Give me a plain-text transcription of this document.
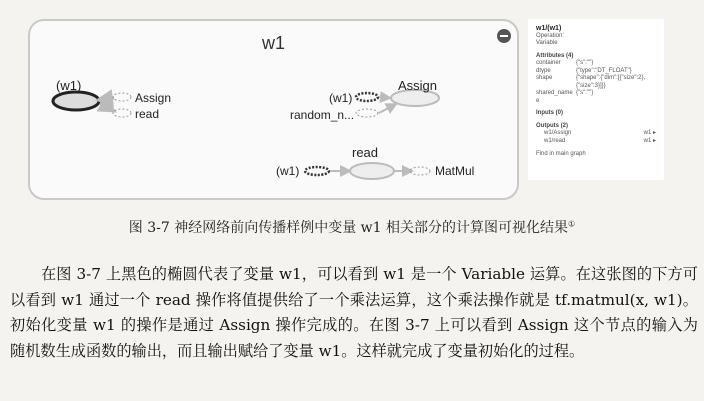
w1
(w1)
Assign
read
(w1)
Assign
random_n...
read
(w1)	MatMul
w1/(w1)
Operation:
Variable
Attributes (4)
container	{"s":""}
dtype	{"type":"DT_FLOAT"}
shape	{"shape":{"dim":[{"size":2},{"size":3}]}}
shared_name {"s":""}
e
Inputs (0)
Outputs (2)
w1/Assign	w1 ▸
w1/read	w1 ▸
Find in main graph
图 3-7 神经网络前向传播样例中变量 w1 相关部分的计算图可视化结果①

在图 3-7 上黑色的椭圆代表了变量 w1，可以看到 w1 是一个 Variable 运算。在这张图的下方可以看到 w1 通过一个 read 操作将值提供给了一个乘法运算，这个乘法操作就是 tf.matmul(x, w1)。初始化变量 w1 的操作是通过 Assign 操作完成的。在图 3-7 上可以看到 Assign 这个节点的输入为随机数生成函数的输出，而且输出赋给了变量 w1。这样就完成了变量初始化的过程。
